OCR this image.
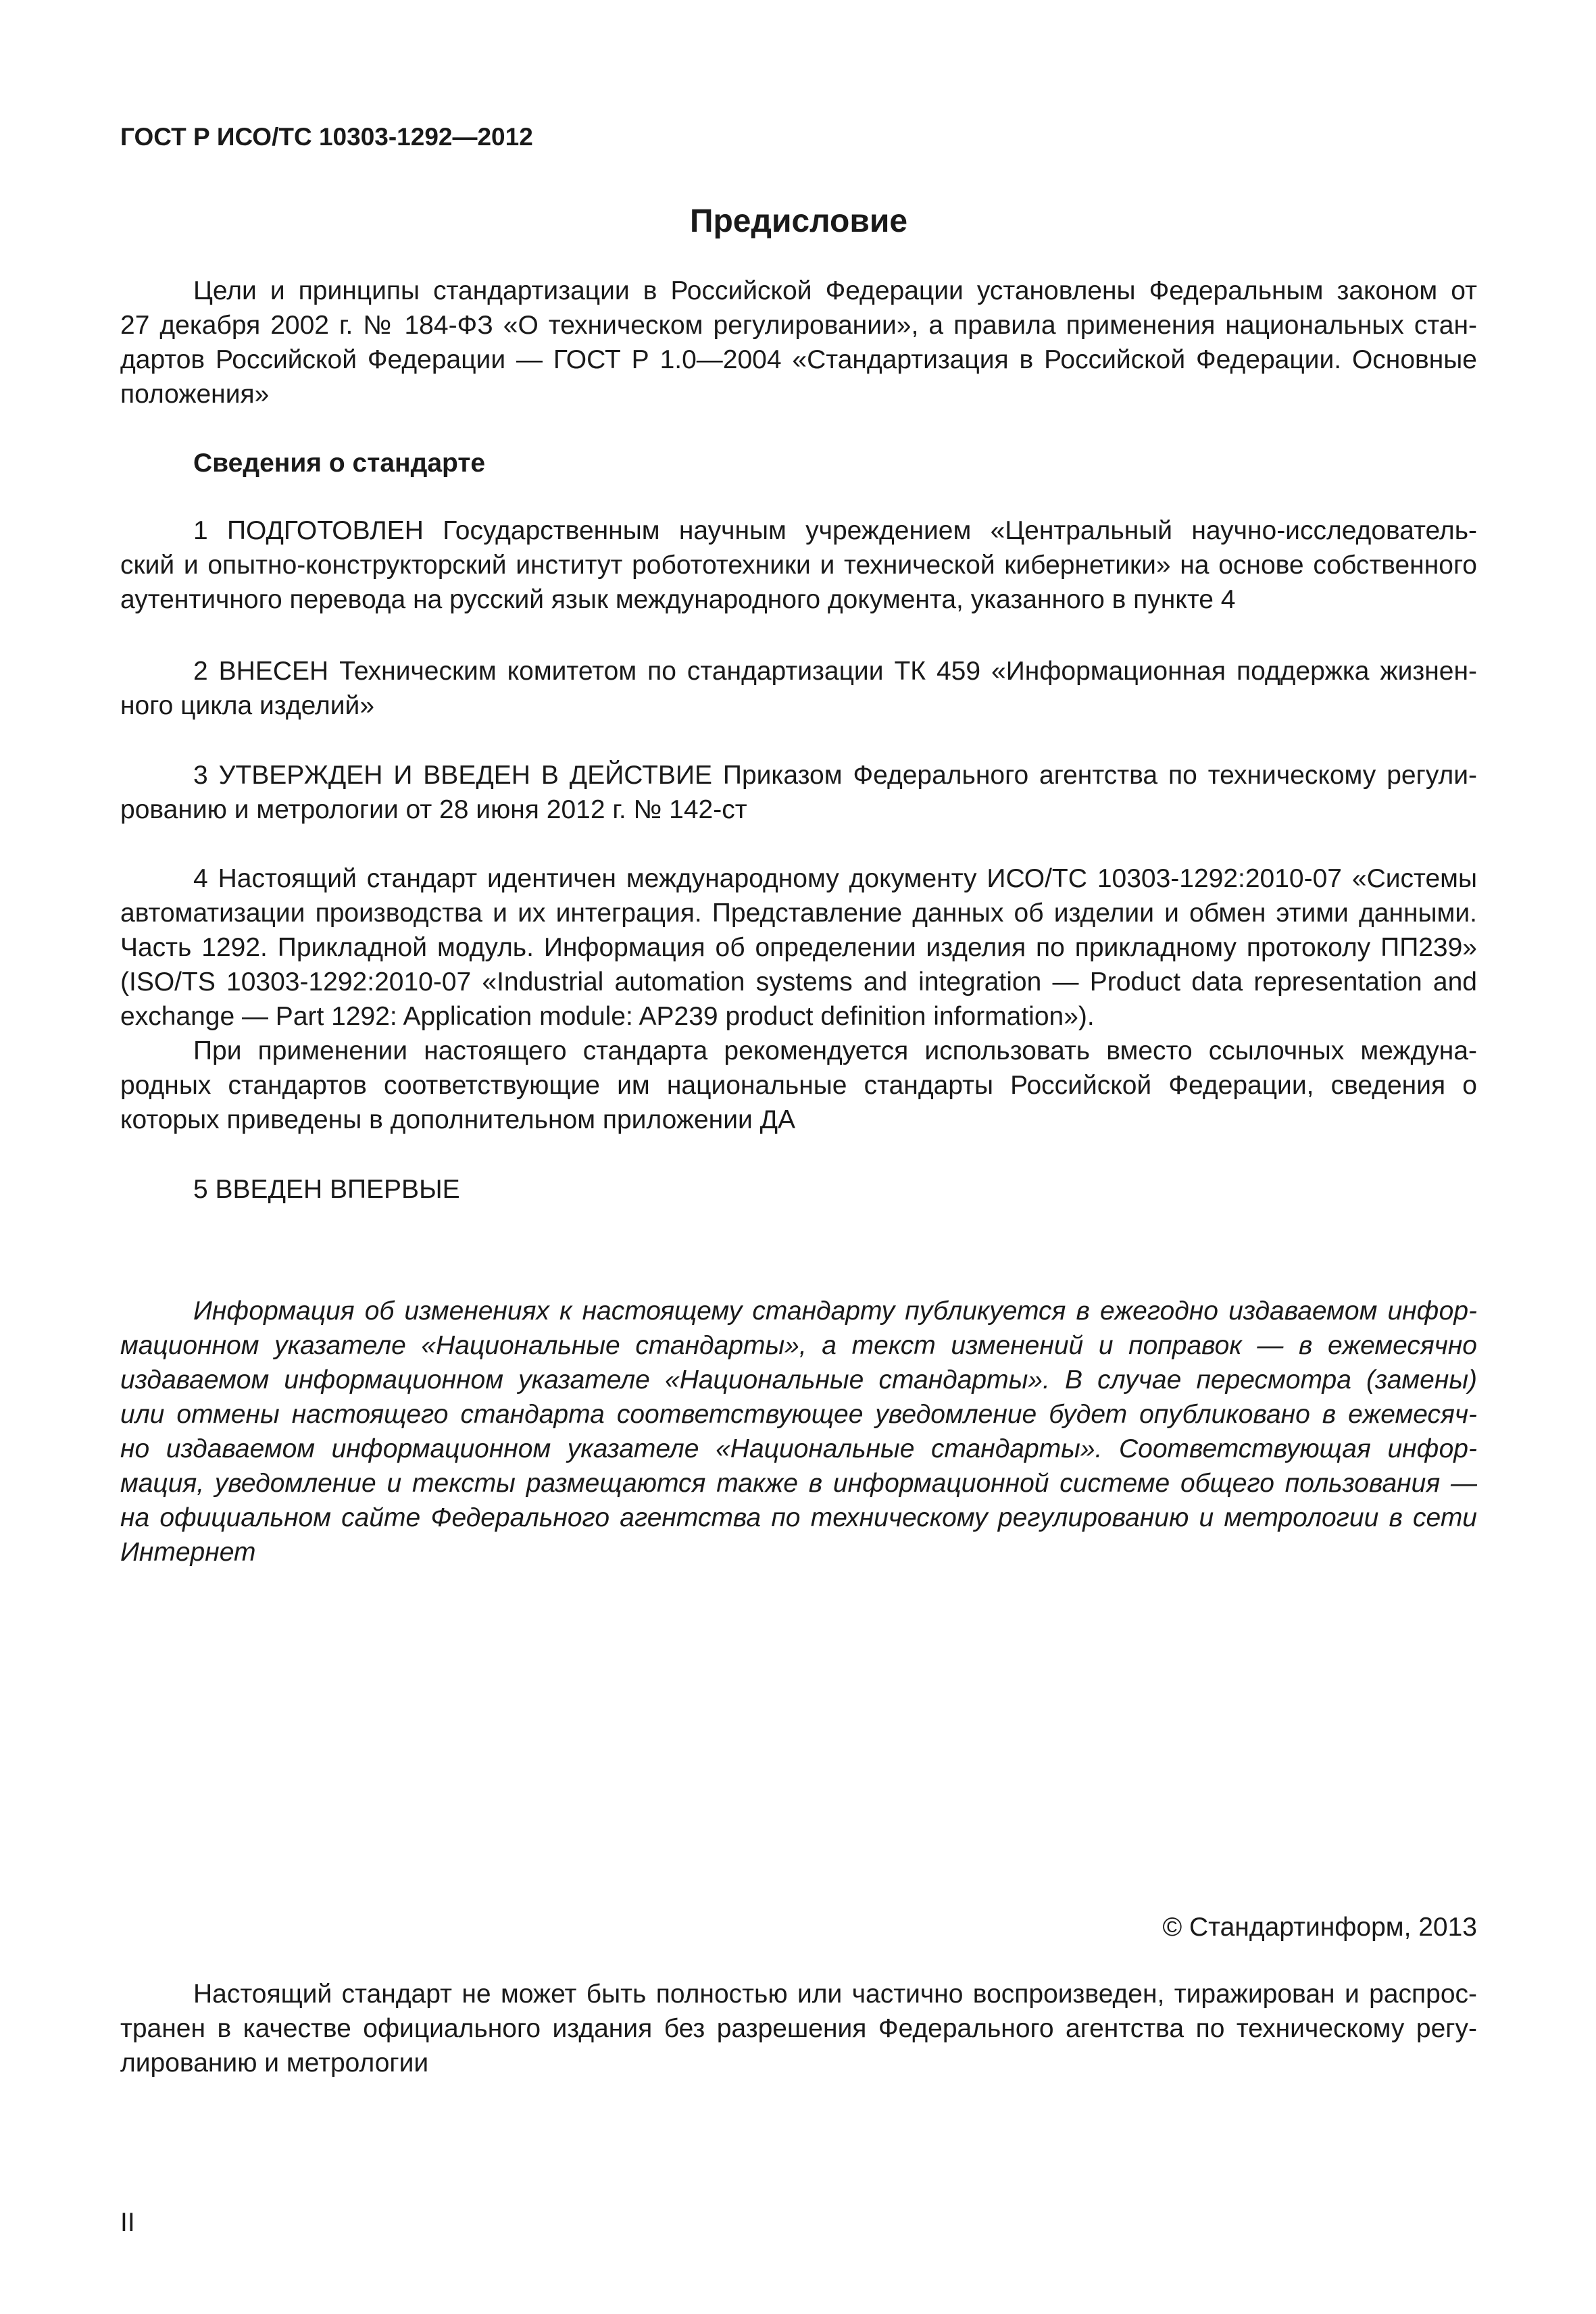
ГОСТ Р ИСО/ТС 10303-1292—2012
Предисловие
Цели и принципы стандартизации в Российской Федерации установлены Федеральным законом от
27 декабря 2002 г. № 184-ФЗ «О техническом регулировании», а правила применения национальных стан-
дартов Российской Федерации — ГОСТ Р 1.0—2004 «Стандартизация в Российской Федерации. Основные
положения»
Сведения о стандарте
1 ПОДГОТОВЛЕН Государственным научным учреждением «Центральный научно-исследователь-
ский и опытно-конструкторский институт робототехники и технической кибернетики» на основе собственного
аутентичного перевода на русский язык международного документа, указанного в пункте 4
2 ВНЕСЕН Техническим комитетом по стандартизации ТК 459 «Информационная поддержка жизнен-
ного цикла изделий»
3 УТВЕРЖДЕН И ВВЕДЕН В ДЕЙСТВИЕ Приказом Федерального агентства по техническому регули-
рованию и метрологии от 28 июня 2012 г. № 142-ст
4 Настоящий стандарт идентичен международному документу ИСО/ТС 10303-1292:2010-07 «Системы
автоматизации производства и их интеграция. Представление данных об изделии и обмен этими данными.
Часть 1292. Прикладной модуль. Информация об определении изделия по прикладному протоколу ПП239»
(ISO/TS 10303-1292:2010-07 «Industrial automation systems and integration — Product data representation and
exchange — Part 1292: Application module: AP239 product definition information»).
При применении настоящего стандарта рекомендуется использовать вместо ссылочных междуна-
родных стандартов соответствующие им национальные стандарты Российской Федерации, сведения о
которых приведены в дополнительном приложении ДА
5 ВВЕДЕН ВПЕРВЫЕ
Информация об изменениях к настоящему стандарту публикуется в ежегодно издаваемом инфор-
мационном указателе «Национальные стандарты», а текст изменений и поправок — в ежемесячно
издаваемом информационном указателе «Национальные стандарты». В случае пересмотра (замены)
или отмены настоящего стандарта соответствующее уведомление будет опубликовано в ежемесяч-
но издаваемом информационном указателе «Национальные стандарты». Соответствующая инфор-
мация, уведомление и тексты размещаются также в информационной системе общего пользования —
на официальном сайте Федерального агентства по техническому регулированию и метрологии в сети
Интернет
© Стандартинформ, 2013
Настоящий стандарт не может быть полностью или частично воспроизведен, тиражирован и распрос-
транен в качестве официального издания без разрешения Федерального агентства по техническому регу-
лированию и метрологии
II
